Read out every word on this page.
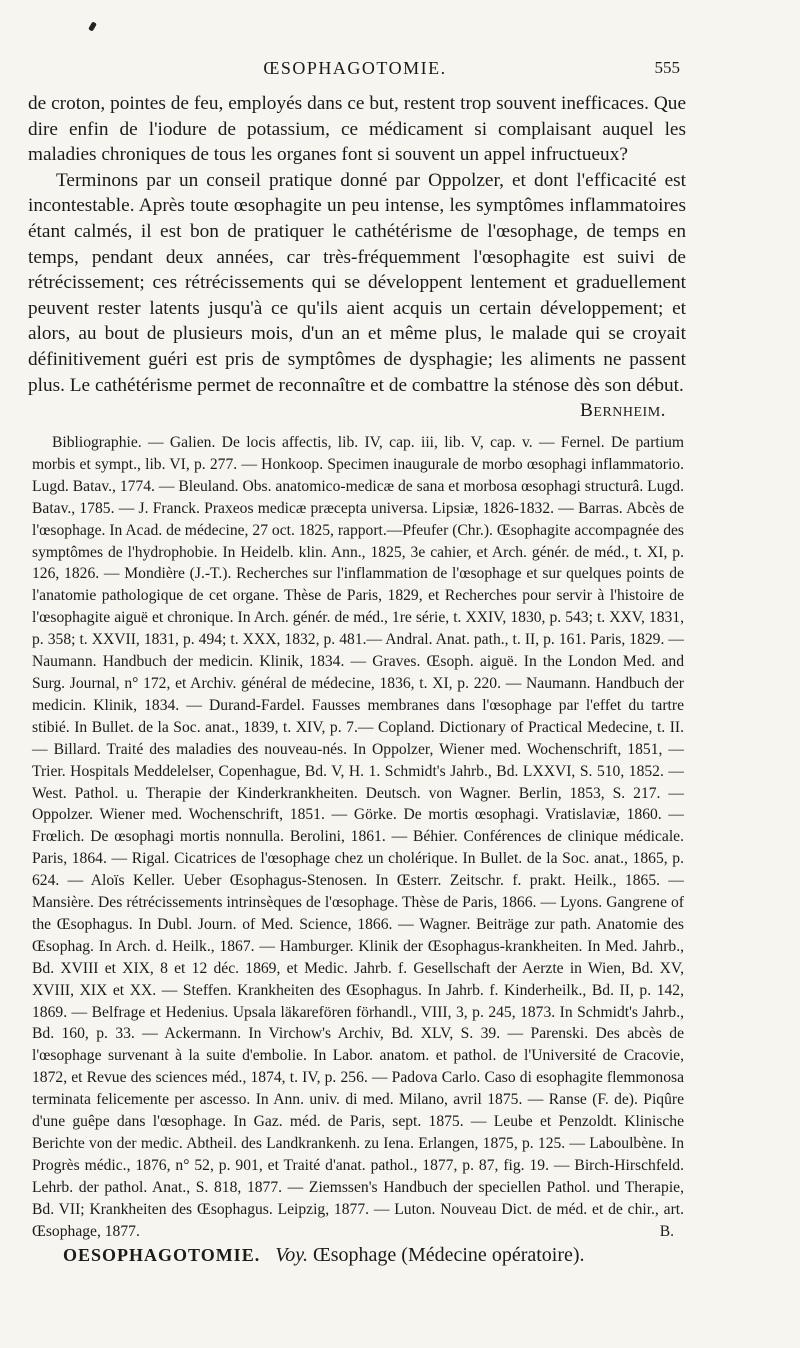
ŒSOPHAGOTOMIE.	555

de croton, pointes de feu, employés dans ce but, restent trop souvent inefficaces. Que dire enfin de l'iodure de potassium, ce médicament si complaisant auquel les maladies chroniques de tous les organes font si souvent un appel infructueux?

Terminons par un conseil pratique donné par Oppolzer, et dont l'efficacité est incontestable. Après toute œsophagite un peu intense, les symptômes inflammatoires étant calmés, il est bon de pratiquer le cathétérisme de l'œsophage, de temps en temps, pendant deux années, car très-fréquemment l'œsophagite est suivi de rétrécissement; ces rétrécissements qui se développent lentement et graduellement peuvent rester latents jusqu'à ce qu'ils aient acquis un certain développement; et alors, au bout de plusieurs mois, d'un an et même plus, le malade qui se croyait définitivement guéri est pris de symptômes de dysphagie; les aliments ne passent plus. Le cathétérisme permet de reconnaître et de combattre la sténose dès son début.
Bernheim.

Bibliographie. — Galien. De locis affectis, lib. IV, cap. iii, lib. V, cap. v. — Fernel. De partium morbis et sympt., lib. VI, p. 277. — Honkoop. Specimen inaugurale de morbo œsophagi inflammatorio. Lugd. Batav., 1774. — Bleuland. Obs. anatomico-medicæ de sana et morbosa œsophagi structurâ. Lugd. Batav., 1785. — J. Franck. Praxeos medicæ præcepta universa. Lipsiæ, 1826-1832. — Barras. Abcès de l'œsophage. In Acad. de médecine, 27 oct. 1825, rapport.—Pfeufer (Chr.). Œsophagite accompagnée des symptômes de l'hydrophobie. In Heidelb. klin. Ann., 1825, 3e cahier, et Arch. génér. de méd., t. XI, p. 126, 1826. — Mondière (J.-T.). Recherches sur l'inflammation de l'œsophage et sur quelques points de l'anatomie pathologique de cet organe. Thèse de Paris, 1829, et Recherches pour servir à l'histoire de l'œsophagite aiguë et chronique. In Arch. génér. de méd., 1re série, t. XXIV, 1830, p. 543; t. XXV, 1831, p. 358; t. XXVII, 1831, p. 494; t. XXX, 1832, p. 481.— Andral. Anat. path., t. II, p. 161. Paris, 1829. — Naumann. Handbuch der medicin. Klinik, 1834. — Graves. Œsoph. aiguë. In the London Med. and Surg. Journal, n° 172, et Archiv. général de médecine, 1836, t. XI, p. 220. — Naumann. Handbuch der medicin. Klinik, 1834. — Durand-Fardel. Fausses membranes dans l'œsophage par l'effet du tartre stibié. In Bullet. de la Soc. anat., 1839, t. XIV, p. 7.— Copland. Dictionary of Practical Medecine, t. II. — Billard. Traité des maladies des nouveau-nés. In Oppolzer, Wiener med. Wochenschrift, 1851, — Trier. Hospitals Meddelelser, Copenhague, Bd. V, H. 1. Schmidt's Jahrb., Bd. LXXVI, S. 510, 1852. — West. Pathol. u. Therapie der Kinderkrankheiten. Deutsch. von Wagner. Berlin, 1853, S. 217. — Oppolzer. Wiener med. Wochenschrift, 1851. — Görke. De mortis œsophagi. Vratislaviæ, 1860. — Frœlich. De œsophagi mortis nonnulla. Berolini, 1861. — Béhier. Conférences de clinique médicale. Paris, 1864. — Rigal. Cicatrices de l'œsophage chez un cholérique. In Bullet. de la Soc. anat., 1865, p. 624. — Aloïs Keller. Ueber Œsophagus-Stenosen. In Œsterr. Zeitschr. f. prakt. Heilk., 1865. — Mansière. Des rétrécissements intrinsèques de l'œsophage. Thèse de Paris, 1866. — Lyons. Gangrene of the Œsophagus. In Dubl. Journ. of Med. Science, 1866. — Wagner. Beiträge zur path. Anatomie des Œsophag. In Arch. d. Heilk., 1867. — Hamburger. Klinik der Œsophagus-krankheiten. In Med. Jahrb., Bd. XVIII et XIX, 8 et 12 déc. 1869, et Medic. Jahrb. f. Gesellschaft der Aerzte in Wien, Bd. XV, XVIII, XIX et XX. — Steffen. Krankheiten des Œsophagus. In Jahrb. f. Kinderheilk., Bd. II, p. 142, 1869. — Belfrage et Hedenius. Upsala läkarefören förhandl., VIII, 3, p. 245, 1873. In Schmidt's Jahrb., Bd. 160, p. 33. — Ackermann. In Virchow's Archiv, Bd. XLV, S. 39. — Parenski. Des abcès de l'œsophage survenant à la suite d'embolie. In Labor. anatom. et pathol. de l'Université de Cracovie, 1872, et Revue des sciences méd., 1874, t. IV, p. 256. — Padova Carlo. Caso di esophagite flemmonosa terminata felicemente per ascesso. In Ann. univ. di med. Milano, avril 1875. — Ranse (F. de). Piqûre d'une guêpe dans l'œsophage. In Gaz. méd. de Paris, sept. 1875. — Leube et Penzoldt. Klinische Berichte von der medic. Abtheil. des Landkrankenh. zu Iena. Erlangen, 1875, p. 125. — Laboulbène. In Progrès médic., 1876, n° 52, p. 901, et Traité d'anat. pathol., 1877, p. 87, fig. 19. — Birch-Hirschfeld. Lehrb. der pathol. Anat., S. 818, 1877. — Ziemssen's Handbuch der speciellen Pathol. und Therapie, Bd. VII; Krankheiten des Œsophagus. Leipzig, 1877. — Luton. Nouveau Dict. de méd. et de chir., art. Œsophage, 1877.	B.
OESOPHAGOTOMIE. Voy. Œsophage (Médecine opératoire).
